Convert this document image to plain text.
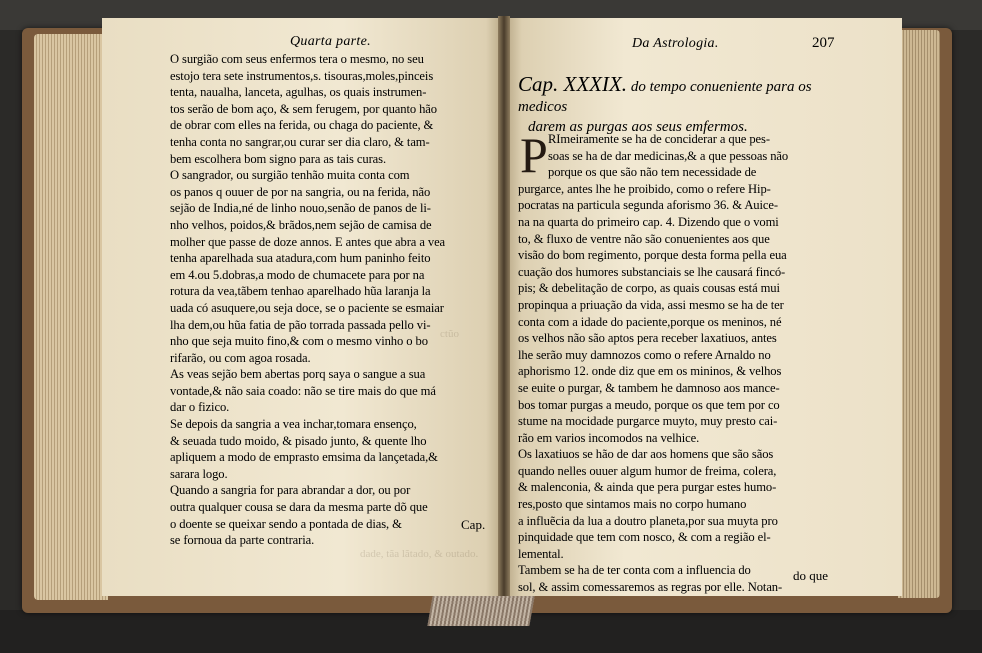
ctũo
dade, tãa lãtado, & outado.
Quarta parte.
O surgião com seus enfermos tera o mesmo, no seu
estojo tera sete instrumentos,s. tisouras,moles,pinceis
tenta, naualha, lanceta, agulhas, os quais instrumen-
tos serão de bom aço, & sem ferugem, por quanto hão
de obrar com elles na ferida, ou chaga do paciente, &
tenha conta no sangrar,ou curar ser dia claro, & tam-
bem escolhera bom signo para as tais curas.
O sangrador, ou surgião tenhão muita conta com
os panos q ouuer de por na sangria, ou na ferida, não
sejão de India,né de linho nouo,senão de panos de li-
nho velhos, poidos,& brãdos,nem sejão de camisa de
molher que passe de doze annos. E antes que abra a vea
tenha aparelhada sua atadura,com hum paninho feito
em 4.ou 5.dobras,a modo de chumacete para por na
rotura da vea,tãbem tenhao aparelhado hũa laranja la
uada có asuquere,ou seja doce, se o paciente se esmaiar
lha dem,ou hũa fatia de pão torrada passada pello vi-
nho que seja muito fino,& com o mesmo vinho o bo
rifarão, ou com agoa rosada.
As veas sejão bem abertas porq saya o sangue a sua
vontade,& não saia coado: não se tire mais do que má
dar o fizico.
Se depois da sangria a vea inchar,tomara ensenço,
& seuada tudo moido, & pisado junto, & quente lho
apliquem a modo de emprasto emsima da lançetada,&
sarara logo.
Quando a sangria for para abrandar a dor, ou por
outra qualquer cousa se dara da mesma parte dõ que
o doente se queixar sendo a pontada de dias, &
se fornoua da parte contraria.
Cap.
Da Astrologia.	207
Cap. XXXIX. do tempo conueniente para os medicos
darem as purgas aos seus emfermos.
P RImeiramente se ha de conciderar a que pes-
soas se ha de dar medicinas,& a que pessoas não
porque os que são não tem necessidade de
purgarce, antes lhe he proibido, como o refere Hip-
pocratas na particula segunda aforismo 36. & Auice-
na na quarta do primeiro cap. 4. Dizendo que o vomi
to, & fluxo de ventre não são conuenientes aos que
visão do bom regimento, porque desta forma pella eua
cuação dos humores substanciais se lhe causará fincó-
pis; & debelitação de corpo, as quais cousas está mui
propinqua a priuação da vida, assi mesmo se ha de ter
conta com a idade do paciente,porque os meninos, né
os velhos não são aptos pera receber laxatiuos, antes
lhe serão muy damnozos como o refere Arnaldo no
aphorismo 12. onde diz que em os mininos, & velhos
se euite o purgar, & tambem he damnoso aos mance-
bos tomar purgas a meudo, porque os que tem por co
stume na mocidade purgarce muyto, muy presto cai-
rão em varios incomodos na velhice.
Os laxatiuos se hão de dar aos homens que são sãos
quando nelles ouuer algum humor de freima, colera,
& malenconia, & ainda que pera purgar estes humo-
res,posto que sintamos mais no corpo humano
a influẽcia da lua a doutro planeta,por sua muyta pro
pinquidade que tem com nosco, & com a região el-
lemental.
Tambem se ha de ter conta com a influencia do
sol, & assim comessaremos as regras por elle. Notan-
do que
